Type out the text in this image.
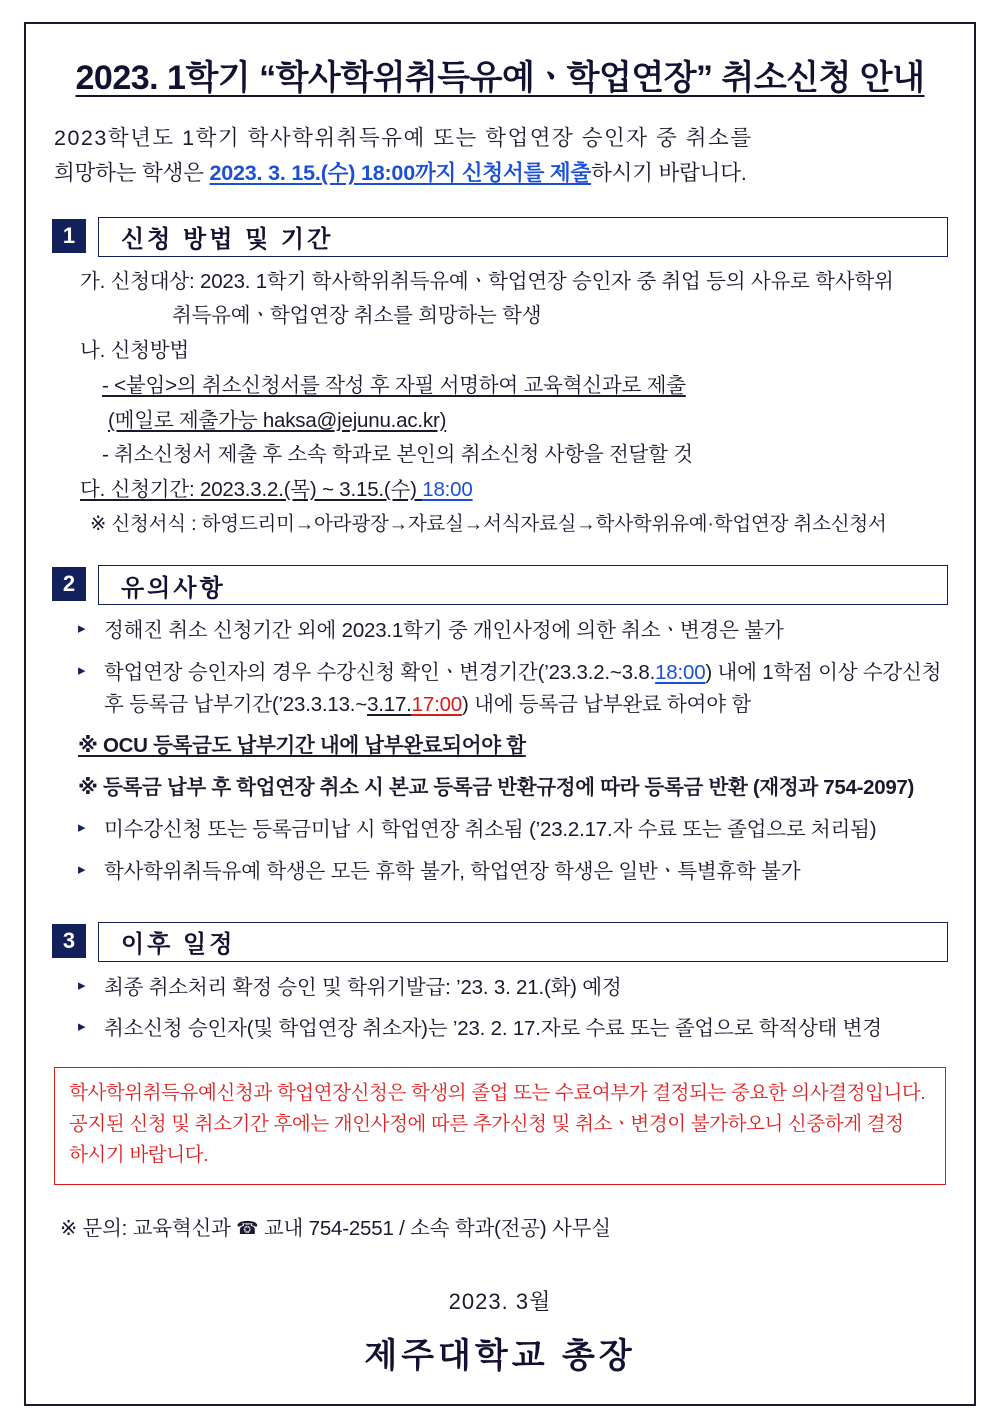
2023. 1학기 “학사학위취득유예ㆍ학업연장” 취소신청 안내
2023학년도 1학기 학사학위취득유예 또는 학업연장 승인자 중 취소를
희망하는 학생은 2023. 3. 15.(수) 18:00까지 신청서를 제출하시기 바랍니다.
1	신청 방법 및 기간
가. 신청대상: 2023. 1학기 학사학위취득유예ㆍ학업연장 승인자 중 취업 등의 사유로 학사학위
취득유예ㆍ학업연장 취소를 희망하는 학생
나. 신청방법
- <붙임>의 취소신청서를 작성 후 자필 서명하여 교육혁신과로 제출
(메일로 제출가능 haksa@jejunu.ac.kr)
- 취소신청서 제출 후 소속 학과로 본인의 취소신청 사항을 전달할 것
다. 신청기간: 2023.3.2.(목) ~ 3.15.(수) 18:00
※ 신청서식 : 하영드리미→아라광장→자료실→서식자료실→학사학위유예·학업연장 취소신청서
2	유의사항
▸ 정해진 취소 신청기간 외에 2023.1학기 중 개인사정에 의한 취소ㆍ변경은 불가
▸ 학업연장 승인자의 경우 수강신청 확인ㆍ변경기간(’23.3.2.~3.8.18:00) 내에 1학점 이상 수강신청 후 등록금 납부기간(’23.3.13.~3.17.17:00) 내에 등록금 납부완료 하여야 함
※ OCU 등록금도 납부기간 내에 납부완료되어야 함
※ 등록금 납부 후 학업연장 취소 시 본교 등록금 반환규정에 따라 등록금 반환 (재정과 754-2097)
▸ 미수강신청 또는 등록금미납 시 학업연장 취소됨 (’23.2.17.자 수료 또는 졸업으로 처리됨)
▸ 학사학위취득유예 학생은 모든 휴학 불가, 학업연장 학생은 일반ㆍ특별휴학 불가
3	이후 일정
▸ 최종 취소처리 확정 승인 및 학위기발급: ’23. 3. 21.(화) 예정
▸ 취소신청 승인자(및 학업연장 취소자)는 ’23. 2. 17.자로 수료 또는 졸업으로 학적상태 변경
학사학위취득유예신청과 학업연장신청은 학생의 졸업 또는 수료여부가 결정되는 중요한 의사결정입니다.
공지된 신청 및 취소기간 후에는 개인사정에 따른 추가신청 및 취소ㆍ변경이 불가하오니 신중하게 결정
하시기 바랍니다.
※ 문의: 교육혁신과 ☎ 교내 754-2551 / 소속 학과(전공) 사무실
2023. 3월
제주대학교 총장
